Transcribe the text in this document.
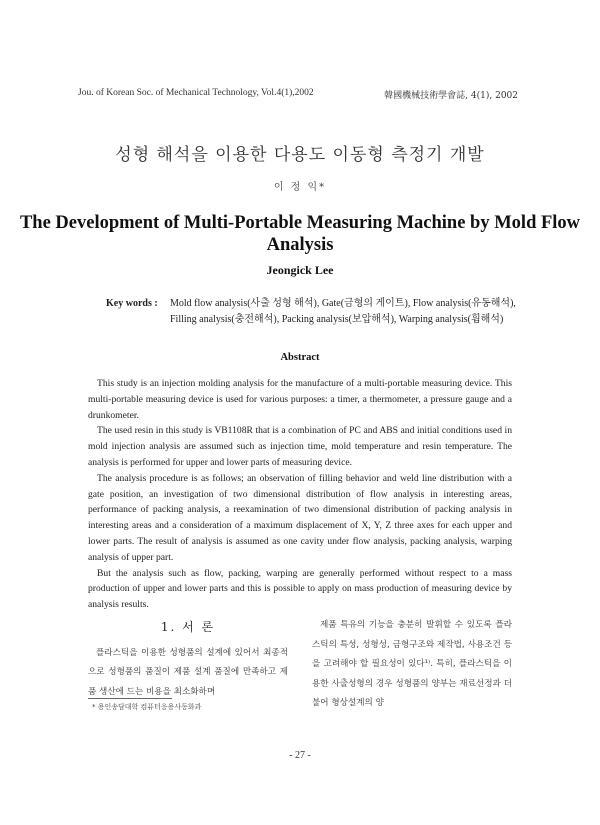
Jou. of Korean Soc. of Mechanical Technology, Vol.4(1),2002	韓國機械技術學會誌, 4(1), 2002
성형 해석을 이용한 다용도 이동형 측정기 개발
이 정 익*
The Development of Multi-Portable Measuring Machine by Mold Flow Analysis
Jeongick Lee
Key words :	Mold flow analysis(사출 성형 해석), Gate(금형의 게이트), Flow analysis(유동해석), Filling analysis(충전해석), Packing analysis(보압해석), Warping analysis(휨해석)
Abstract

This study is an injection molding analysis for the manufacture of a multi-portable measuring device. This multi-portable measuring device is used for various purposes: a timer, a thermometer, a pressure gauge and a drunkometer.

The used resin in this study is VB1108R that is a combination of PC and ABS and initial conditions used in mold injection analysis are assumed such as injection time, mold temperature and resin temperature. The analysis is performed for upper and lower parts of measuring device.

The analysis procedure is as follows; an observation of filling behavior and weld line distribution with a gate position, an investigation of two dimensional distribution of flow analysis in interesting areas, performance of packing analysis, a reexamination of two dimensional distribution of packing analysis in interesting areas and a consideration of a maximum displacement of X, Y, Z three axes for each upper and lower parts. The result of analysis is assumed as one cavity under flow analysis, packing analysis, warping analysis of upper part.

But the analysis such as flow, packing, warping are generally performed without respect to a mass production of upper and lower parts and this is possible to apply on mass production of measuring device by analysis results.

1. 서 론

플라스틱을 이용한 성형품의 설계에 있어서 최종적으로 성형품의 품질이 제품 설계 품질에 만족하고 제품 생산에 드는 비용을 최소화하며

제품 특유의 기능을 충분히 발휘할 수 있도록 플라스틱의 특성, 성형성, 금형구조와 제작법, 사용조건 등을 고려해야 할 필요성이 있다¹⁾. 특히, 플라스틱을 이용한 사출성형의 경우 성형품의 양부는 재료선정과 더불어 형상설계의 양

* 용인송담대학 컴퓨터응용사동화과
- 27 -
